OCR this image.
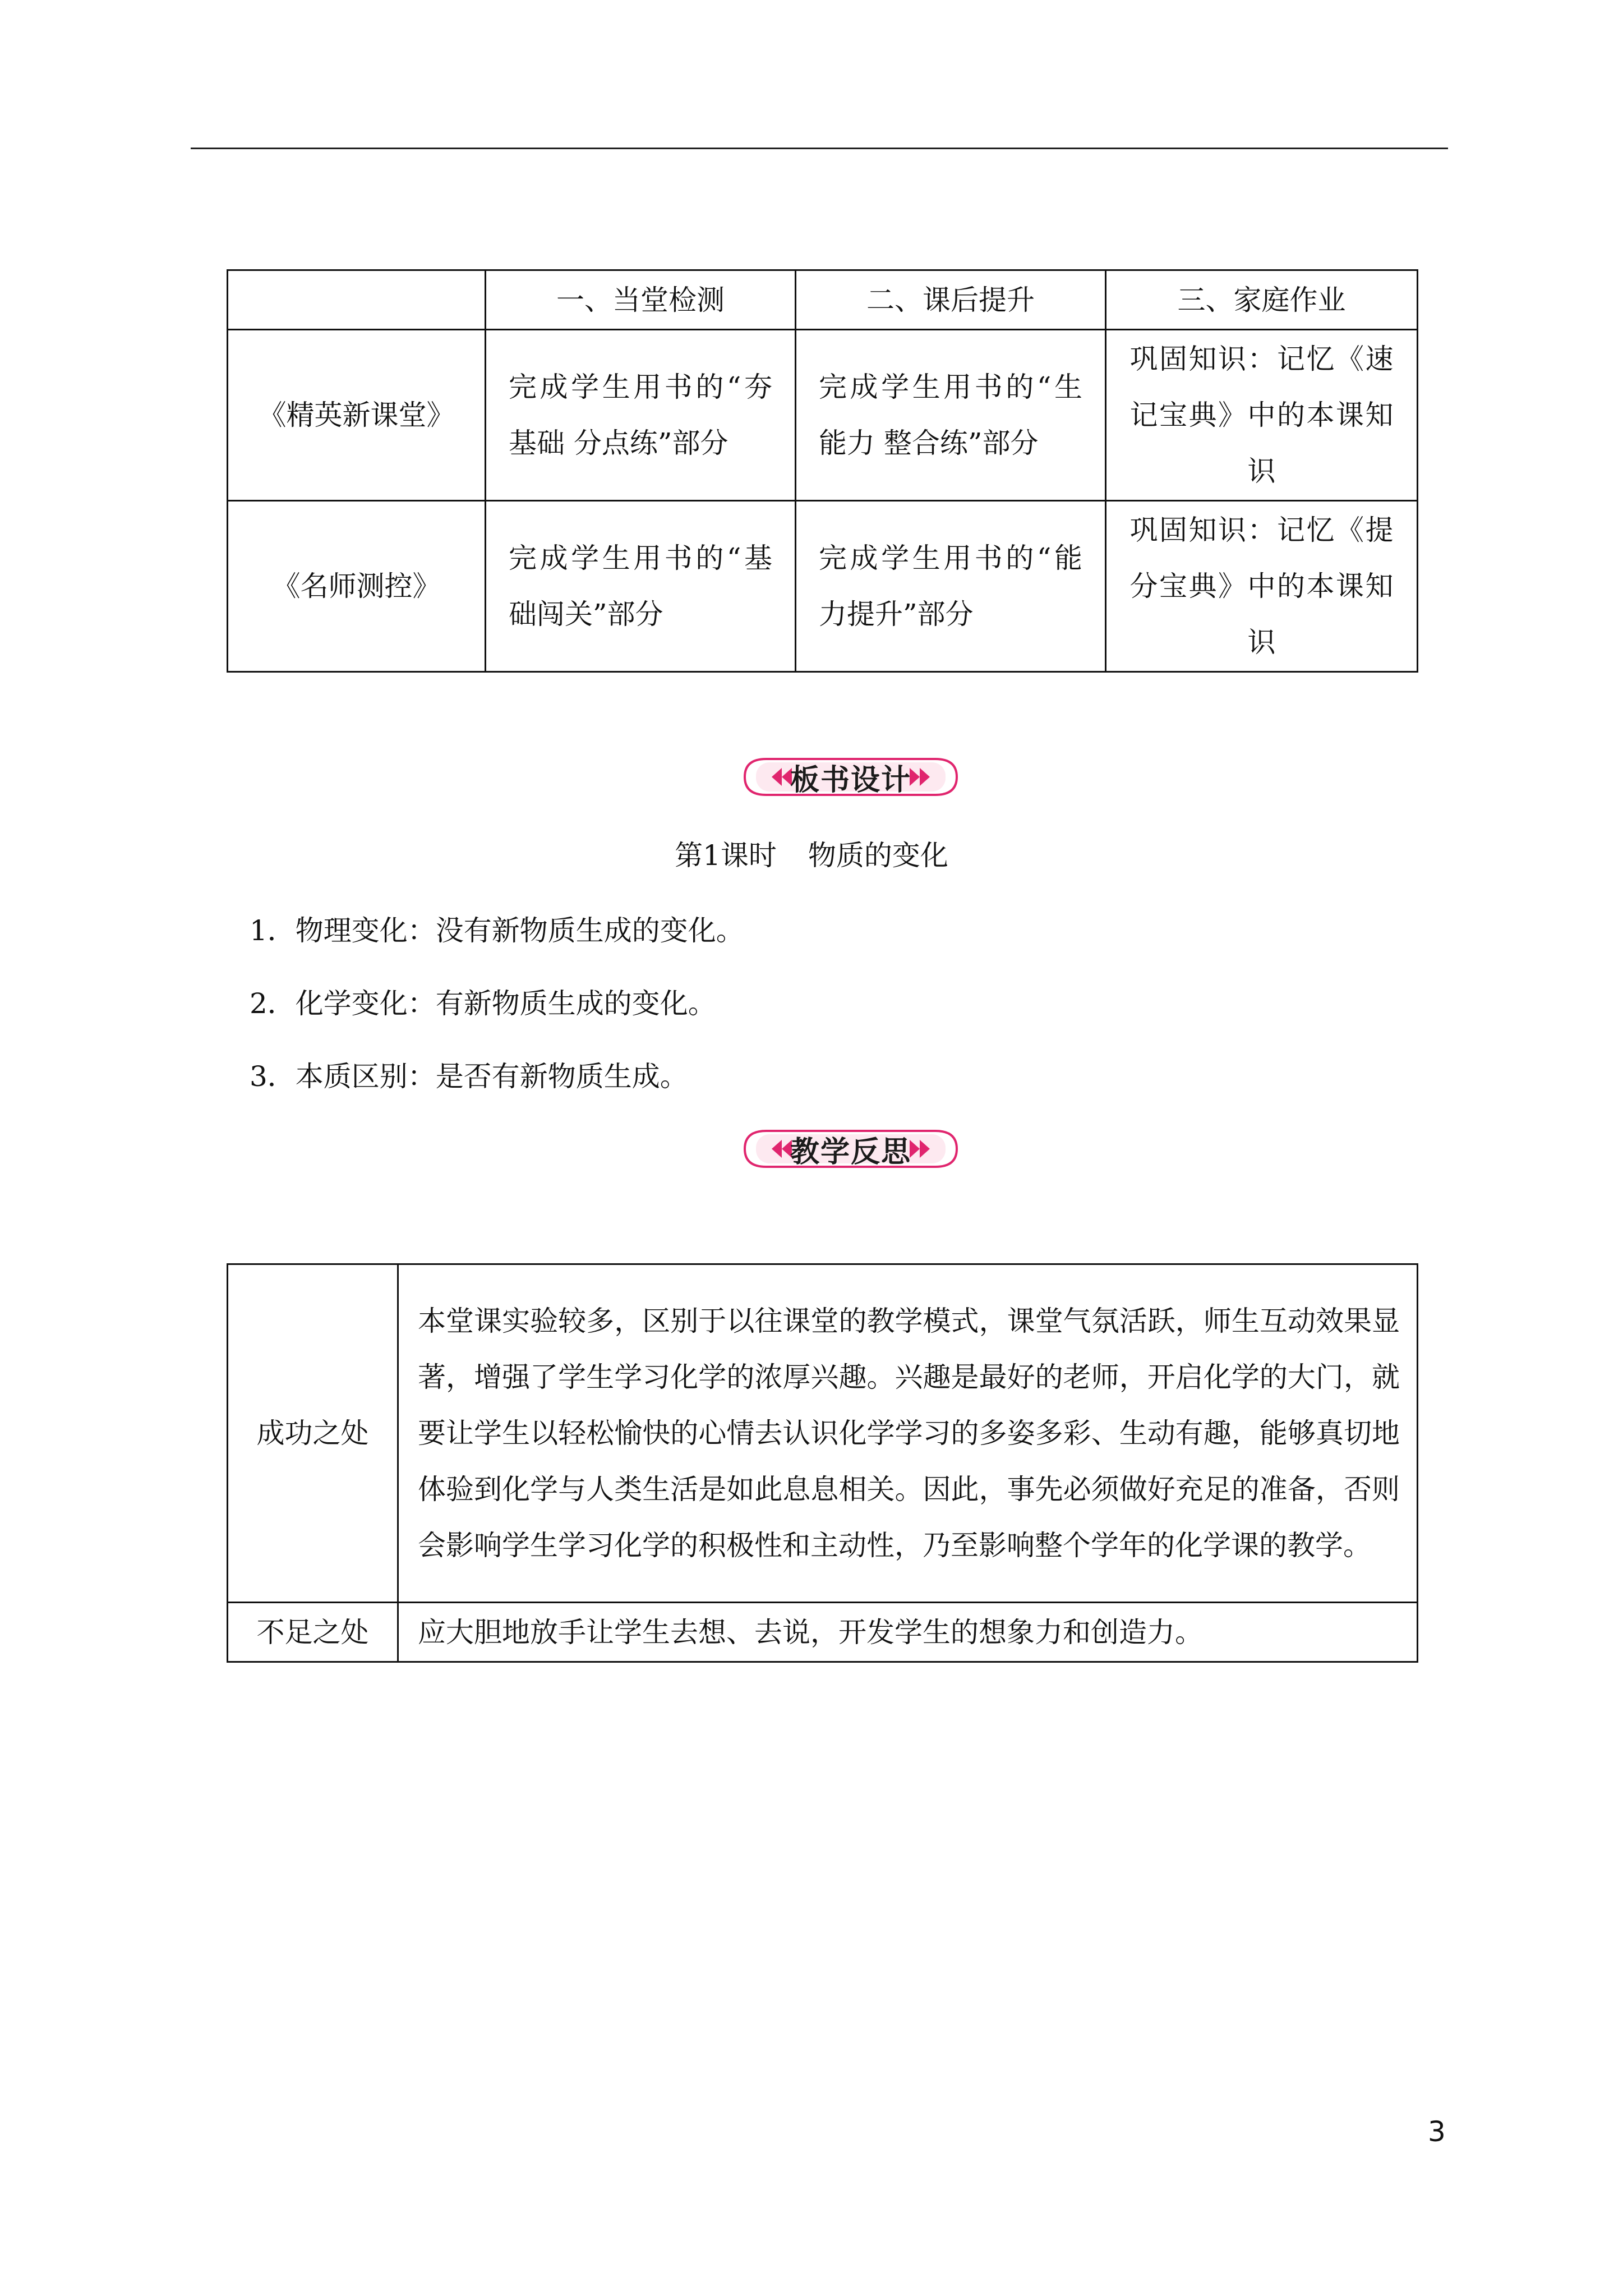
	一、当堂检测	二、课后提升	三、家庭作业
《精英新课堂》	完成学生用书的“夯基础 分点练”部分	完成学生用书的“生能力 整合练”部分	巩固知识：记忆《速记宝典》中的本课知识

《名师测控》	完成学生用书的“基础闯关”部分	完成学生用书的“能力提升”部分	巩固知识：记忆《提分宝典》中的本课知识
板书设计
第1课时 物质的变化
1．物理变化：没有新物质生成的变化。
2．化学变化：有新物质生成的变化。
3．本质区别：是否有新物质生成。
教学反思
成功之处	本堂课实验较多，区别于以往课堂的教学模式，课堂气氛活跃，师生互动效果显著，增强了学生学习化学的浓厚兴趣。兴趣是最好的老师，开启化学的大门，就要让学生以轻松愉快的心情去认识化学学习的多姿多彩、生动有趣，能够真切地体验到化学与人类生活是如此息息相关。因此，事先必须做好充足的准备，否则会影响学生学习化学的积极性和主动性，乃至影响整个学年的化学课的教学。
不足之处	应大胆地放手让学生去想、去说，开发学生的想象力和创造力。
3
